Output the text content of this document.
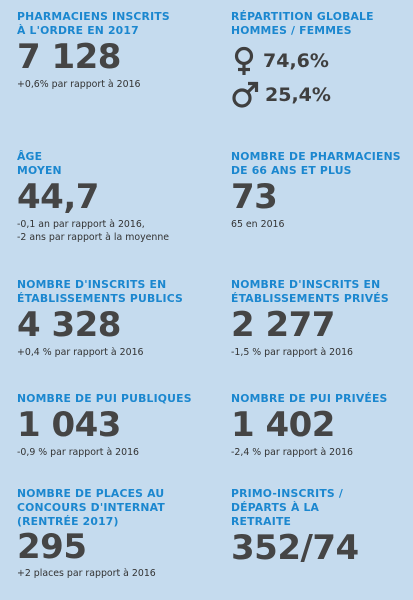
PHARMACIENS INSCRITS À L'ORDRE EN 2017
7 128
+0,6% par rapport à 2016
RÉPARTITION GLOBALE HOMMES / FEMMES
74,6%
25,4%
ÂGE MOYEN
44,7
-0,1 an par rapport à 2016,
-2 ans par rapport à la moyenne
NOMBRE DE PHARMACIENS DE 66 ANS ET PLUS
73
65 en 2016
NOMBRE D'INSCRITS EN ÉTABLISSEMENTS PUBLICS
4 328
+0,4 % par rapport à 2016
NOMBRE D'INSCRITS EN ÉTABLISSEMENTS PRIVÉS
2 277
-1,5 % par rapport à 2016
NOMBRE DE PUI PUBLIQUES
1 043
-0,9 % par rapport à 2016
NOMBRE DE PUI PRIVÉES
1 402
-2,4 % par rapport à 2016
NOMBRE DE PLACES AU CONCOURS D'INTERNAT (RENTRÉE 2017)
295
+2 places par rapport à 2016
PRIMO-INSCRITS / DÉPARTS À LA RETRAITE
352/74
